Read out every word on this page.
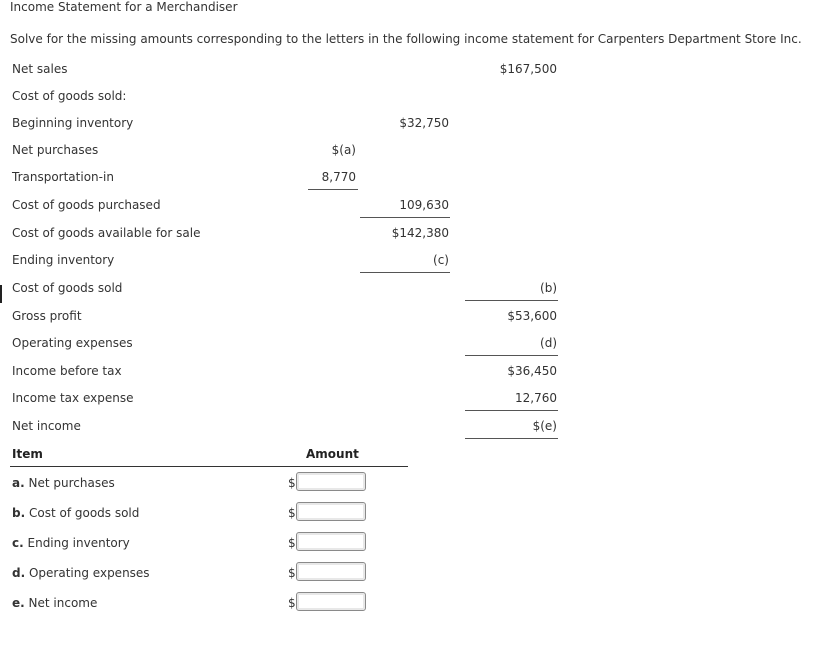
Income Statement for a Merchandiser
Solve for the missing amounts corresponding to the letters in the following income statement for Carpenters Department Store Inc.
Net sales	$167,500
Cost of goods sold:
Beginning inventory	$32,750
Net purchases	$(a)
Transportation-in	8,770
Cost of goods purchased	109,630
Cost of goods available for sale	$142,380
Ending inventory	(c)
Cost of goods sold	(b)
Gross profit	$53,600
Operating expenses	(d)
Income before tax	$36,450
Income tax expense	12,760
Net income	$(e)
Item	Amount
a. Net purchases	$
b. Cost of goods sold	$
c. Ending inventory	$
d. Operating expenses	$
e. Net income	$
